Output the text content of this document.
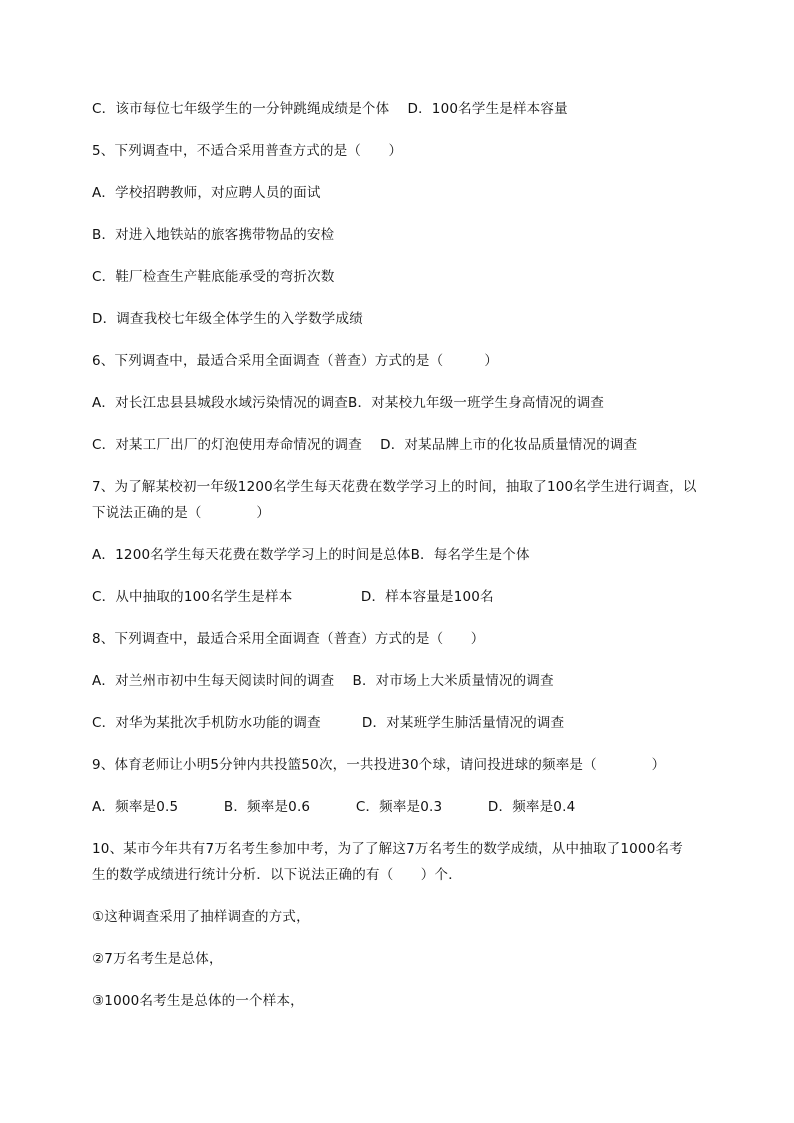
C．该市每位七年级学生的一分钟跳绳成绩是个体　 D．100名学生是样本容量
5、下列调查中，不适合采用普查方式的是（　　）
A．学校招聘教师，对应聘人员的面试
B．对进入地铁站的旅客携带物品的安检
C．鞋厂检查生产鞋底能承受的弯折次数
D．调查我校七年级全体学生的入学数学成绩
6、下列调查中，最适合采用全面调查（普查）方式的是（　　　）
A．对长江忠县县城段水域污染情况的调查B．对某校九年级一班学生身高情况的调查
C．对某工厂出厂的灯泡使用寿命情况的调查　 D．对某品牌上市的化妆品质量情况的调查
7、为了解某校初一年级1200名学生每天花费在数学学习上的时间，抽取了100名学生进行调查，以
下说法正确的是（　　　　）
A．1200名学生每天花费在数学学习上的时间是总体B．每名学生是个体
C．从中抽取的100名学生是样本　　　　　D．样本容量是100名
8、下列调查中，最适合采用全面调查（普查）方式的是（　　）
A．对兰州市初中生每天阅读时间的调查　 B．对市场上大米质量情况的调查
C．对华为某批次手机防水功能的调查　　　D．对某班学生肺活量情况的调查
9、体育老师让小明5分钟内共投篮50次，一共投进30个球，请问投进球的频率是（　　　　）
A．频率是0.5　　　 B．频率是0.6　　　 C．频率是0.3　　　 D．频率是0.4
10、某市今年共有7万名考生参加中考，为了了解这7万名考生的数学成绩，从中抽取了1000名考
生的数学成绩进行统计分析．以下说法正确的有（　　）个．
①这种调查采用了抽样调查的方式，
②7万名考生是总体，
③1000名考生是总体的一个样本，
